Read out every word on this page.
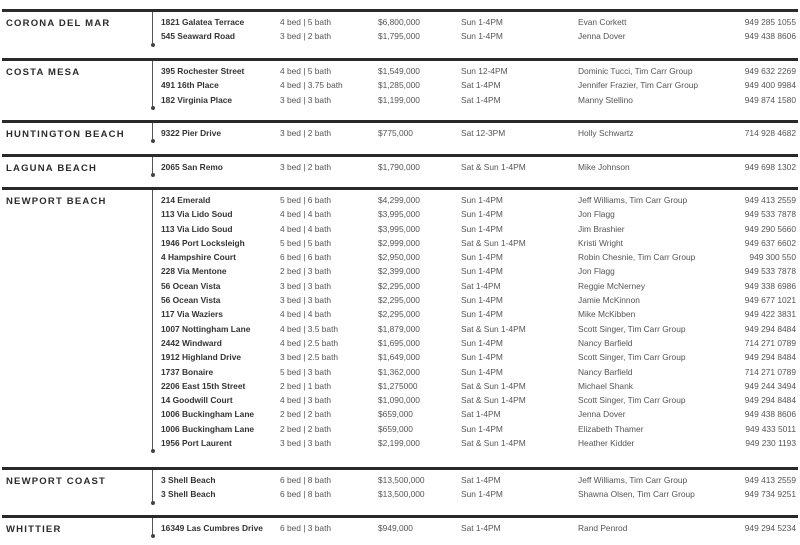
CORONA DEL MAR	1821 Galatea Terrace	4 bed | 5 bath	$6,800,000	Sun 1-4PM	Evan Corkett	949 285 1055
545 Seaward Road	3 bed | 2 bath	$1,795,000	Sun 1-4PM	Jenna Dover	949 438 8606
COSTA MESA	395 Rochester Street	4 bed | 5 bath	$1,549,000	Sun 12-4PM	Dominic Tucci, Tim Carr Group	949 632 2269
491 16th Place	4 bed | 3.75 bath	$1,285,000	Sat 1-4PM	Jennifer Frazier, Tim Carr Group	949 400 9984
182 Virginia Place	3 bed | 3 bath	$1,199,000	Sat 1-4PM	Manny Stellino	949 874 1580
HUNTINGTON BEACH	9322 Pier Drive	3 bed | 2 bath	$775,000	Sat 12-3PM	Holly Schwartz	714 928 4682
LAGUNA BEACH	2065 San Remo	3 bed | 2 bath	$1,790,000	Sat & Sun 1-4PM	Mike Johnson	949 698 1302
NEWPORT BEACH	214 Emerald	5 bed | 6 bath	$4,299,000	Sun 1-4PM	Jeff Williams, Tim Carr Group	949 413 2559
113 Via Lido Soud	4 bed | 4 bath	$3,995,000	Sun 1-4PM	Jon Flagg	949 533 7878
113 Via Lido Soud	4 bed | 4 bath	$3,995,000	Sun 1-4PM	Jim Brashier	949 290 5660
1946 Port Locksleigh	5 bed | 5 bath	$2,999,000	Sat & Sun 1-4PM	Kristi Wright	949 637 6602
4 Hampshire Court	6 bed | 6 bath	$2,950,000	Sun 1-4PM	Robin Chesnie, Tim Carr Group	949 300 550
228 Via Mentone	2 bed | 3 bath	$2,399,000	Sun 1-4PM	Jon Flagg	949 533 7878
56 Ocean Vista	3 bed | 3 bath	$2,295,000	Sat 1-4PM	Reggie McNerney	949 338 6986
56 Ocean Vista	3 bed | 3 bath	$2,295,000	Sun 1-4PM	Jamie McKinnon	949 677 1021
117 Via Waziers	4 bed | 4 bath	$2,295,000	Sun 1-4PM	Mike McKibben	949 422 3831
1007 Nottingham Lane	4 bed | 3.5 bath	$1,879,000	Sat & Sun 1-4PM	Scott Singer, Tim Carr Group	949 294 8484
2442 Windward	4 bed | 2.5 bath	$1,695,000	Sun 1-4PM	Nancy Barfield	714 271 0789
1912 Highland Drive	3 bed | 2.5 bath	$1,649,000	Sun 1-4PM	Scott Singer, Tim Carr Group	949 294 8484
1737 Bonaire	5 bed | 3 bath	$1,362,000	Sun 1-4PM	Nancy Barfield	714 271 0789
2206 East 15th Street	2 bed | 1 bath	$1,275000	Sat & Sun 1-4PM	Michael Shank	949 244 3494
14 Goodwill Court	4 bed | 3 bath	$1,090,000	Sat & Sun 1-4PM	Scott Singer, Tim Carr Group	949 294 8484
1006 Buckingham Lane	2 bed | 2 bath	$659,000	Sat 1-4PM	Jenna Dover	949 438 8606
1006 Buckingham Lane	2 bed | 2 bath	$659,000	Sun 1-4PM	Elizabeth Thamer	949 433 5011
1956 Port Laurent	3 bed | 3 bath	$2,199,000	Sat & Sun 1-4PM	Heather Kidder	949 230 1193
NEWPORT COAST	3 Shell Beach	6 bed | 8 bath	$13,500,000	Sat 1-4PM	Jeff Williams, Tim Carr Group	949 413 2559
3 Shell Beach	6 bed | 8 bath	$13,500,000	Sun 1-4PM	Shawna Olsen, Tim Carr Group	949 734 9251
WHITTIER	16349 Las Cumbres Drive 6 bed | 3 bath	$949,000	Sat 1-4PM	Rand Penrod	949 294 5234
